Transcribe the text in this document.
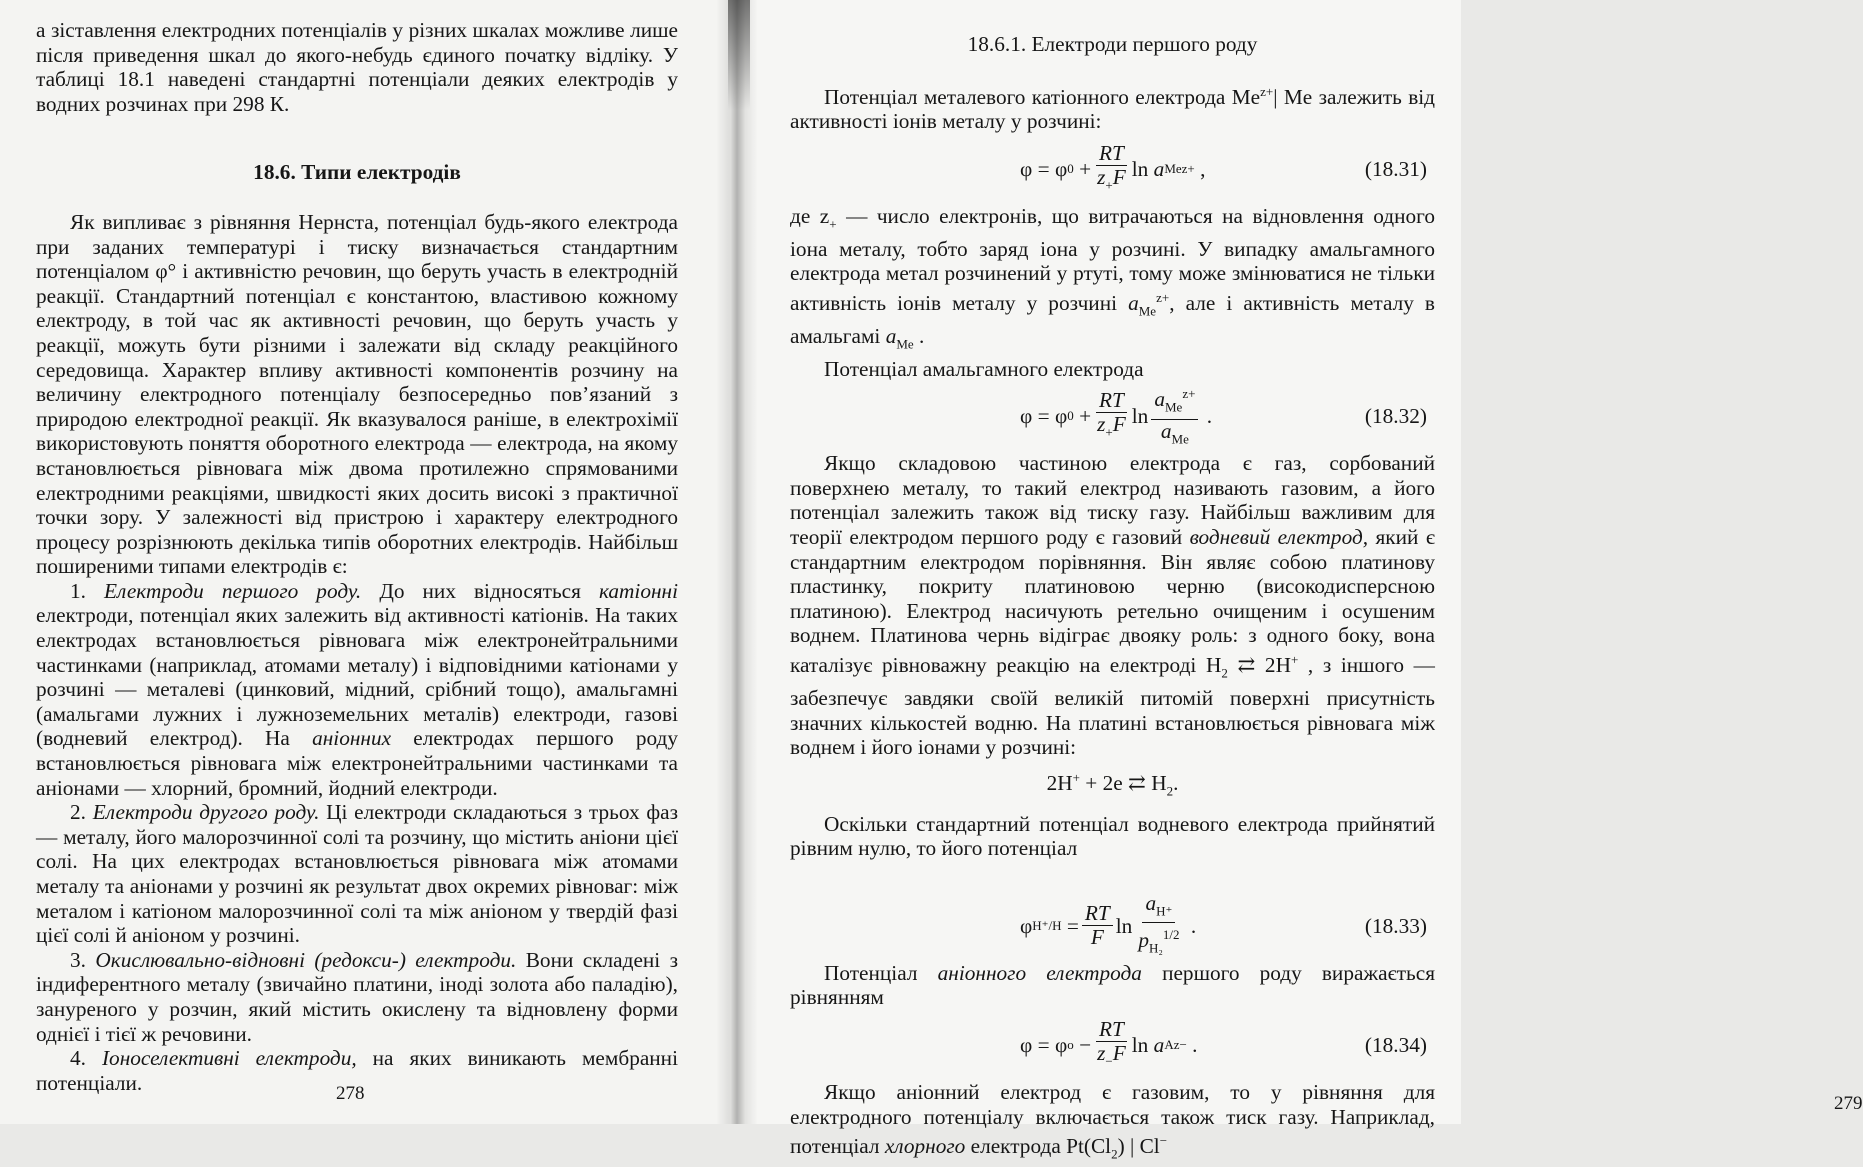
а зіставлення електродних потенціалів у різних шкалах можливе лише після приведення шкал до якого-небудь єдиного початку відліку. У таблиці 18.1 наведені стандартні потенціали деяких електродів у водних розчинах при 298 К.

18.6. Типи електродів

Як випливає з рівняння Нернста, потенціал будь-якого електрода при заданих температурі і тиску визначається стандартним потенціалом φ° і активністю речовин, що беруть участь в електродній реакції. Стандартний потенціал є константою, властивою кожному електроду, в той час як активності речовин, що беруть участь у реакції, можуть бути різними і залежати від складу реакційного середовища. Характер впливу активності компонентів розчину на величину електродного потенціалу безпосередньо пов’язаний з природою електродної реакції. Як вказувалося раніше, в електрохімії використовують поняття оборотного електрода — електрода, на якому встановлюється рівновага між двома протилежно спрямованими електродними реакціями, швидкості яких досить високі з практичної точки зору. У залежності від пристрою і характеру електродного процесу розрізнюють декілька типів оборотних електродів. Найбільш поширеними типами електродів є:

1. Електроди першого роду. До них відносяться катіонні електроди, потенціал яких залежить від активності катіонів. На таких електродах встановлюється рівновага між електронейтральними частинками (наприклад, атомами металу) і відповідними катіонами у розчині — металеві (цинковий, мідний, срібний тощо), амальгамні (амальгами лужних і лужноземельних металів) електроди, газові (водневий електрод). На аніонних електродах першого роду встановлюється рівновага між електронейтральними частинками та аніонами — хлорний, бромний, йодний електроди.

2. Електроди другого роду. Ці електроди складаються з трьох фаз — металу, його малорозчинної солі та розчину, що містить аніони цієї солі. На цих електродах встановлюється рівновага між атомами металу та аніонами у розчині як результат двох окремих рівноваг: між металом і катіоном малорозчинної солі та між аніоном у твердій фазі цієї солі й аніоном у розчині.

3. Окислювально-відновні (редокси-) електроди. Вони складені з індиферентного металу (звичайно платини, іноді золота або паладію), зануреного у розчин, який містить окислену та відновлену форми однієї і тієї ж речовини.

4. Іоноселективні електроди, на яких виникають мембранні потенціали.	278
18.6.1. Електроди першого роду

Потенціал металевого катіонного електрода $Me^{z+}|$ Me залежить від активності іонів металу у розчині:

φ = φ 0
+ $\frac{RT}{z_+F}$ ln
a Me z+
,	(18.31)

де $z_+$ — число електронів, що витрачаються на відновлення одного іона металу, тобто заряд іона у розчині. У випадку амальгамного електрода метал розчинений у ртуті, тому може змінюватися не тільки активність іонів металу у розчині $a_{Me}^{z+}$, але і активність металу в амальгамі $a_{Me}$ .

Потенціал амальгамного електрода

φ = φ 0
+ $\frac{RT}{z_+F}$ $\ln \frac{a_{Me}^{z+}}{a_{Me}}$
.	(18.32)

Якщо складовою частиною електрода є газ, сорбований поверхнею металу, то такий електрод називають газовим, а його потенціал залежить також від тиску газу. Найбільш важливим для теорії електродом першого роду є газовий водневий електрод, який є стандартним електродом порівняння. Він являє собою платинову пластинку, покриту платиновою черню (високодисперсною платиною). Електрод насичують ретельно очищеним і осушеним воднем. Платинова чернь відіграє двояку роль: з одного боку, вона каталізує рівноважну реакцію на електроді $H_2$ ⇄ 2H+ , з іншого — забезпечує завдяки своїй великій питомій поверхні присутність значних кількостей водню. На платині встановлюється рівновага між воднем і його іонами у розчині:

2H+ + 2e ⇄ $H_2$.

Оскільки стандартний потенціал водневого електрода прийнятий рівним нулю, то його потенціал

φ H⁺/H
= $\frac{RT}{F}$ $\ln \frac{a_{H^+}}{p_{H_2}^{1/2}}$
.	(18.33)

Потенціал аніонного електрода першого роду виражається рівнянням

φ = φ o
− $\frac{RT}{z_-F}$ ln
a A z−
.	(18.34)

Якщо аніонний електрод є газовим, то у рівняння для електродного потенціалу включається також тиск газу. Наприклад, потенціал хлорного електрода $Pt(Cl_2)$ | Cl−

279
